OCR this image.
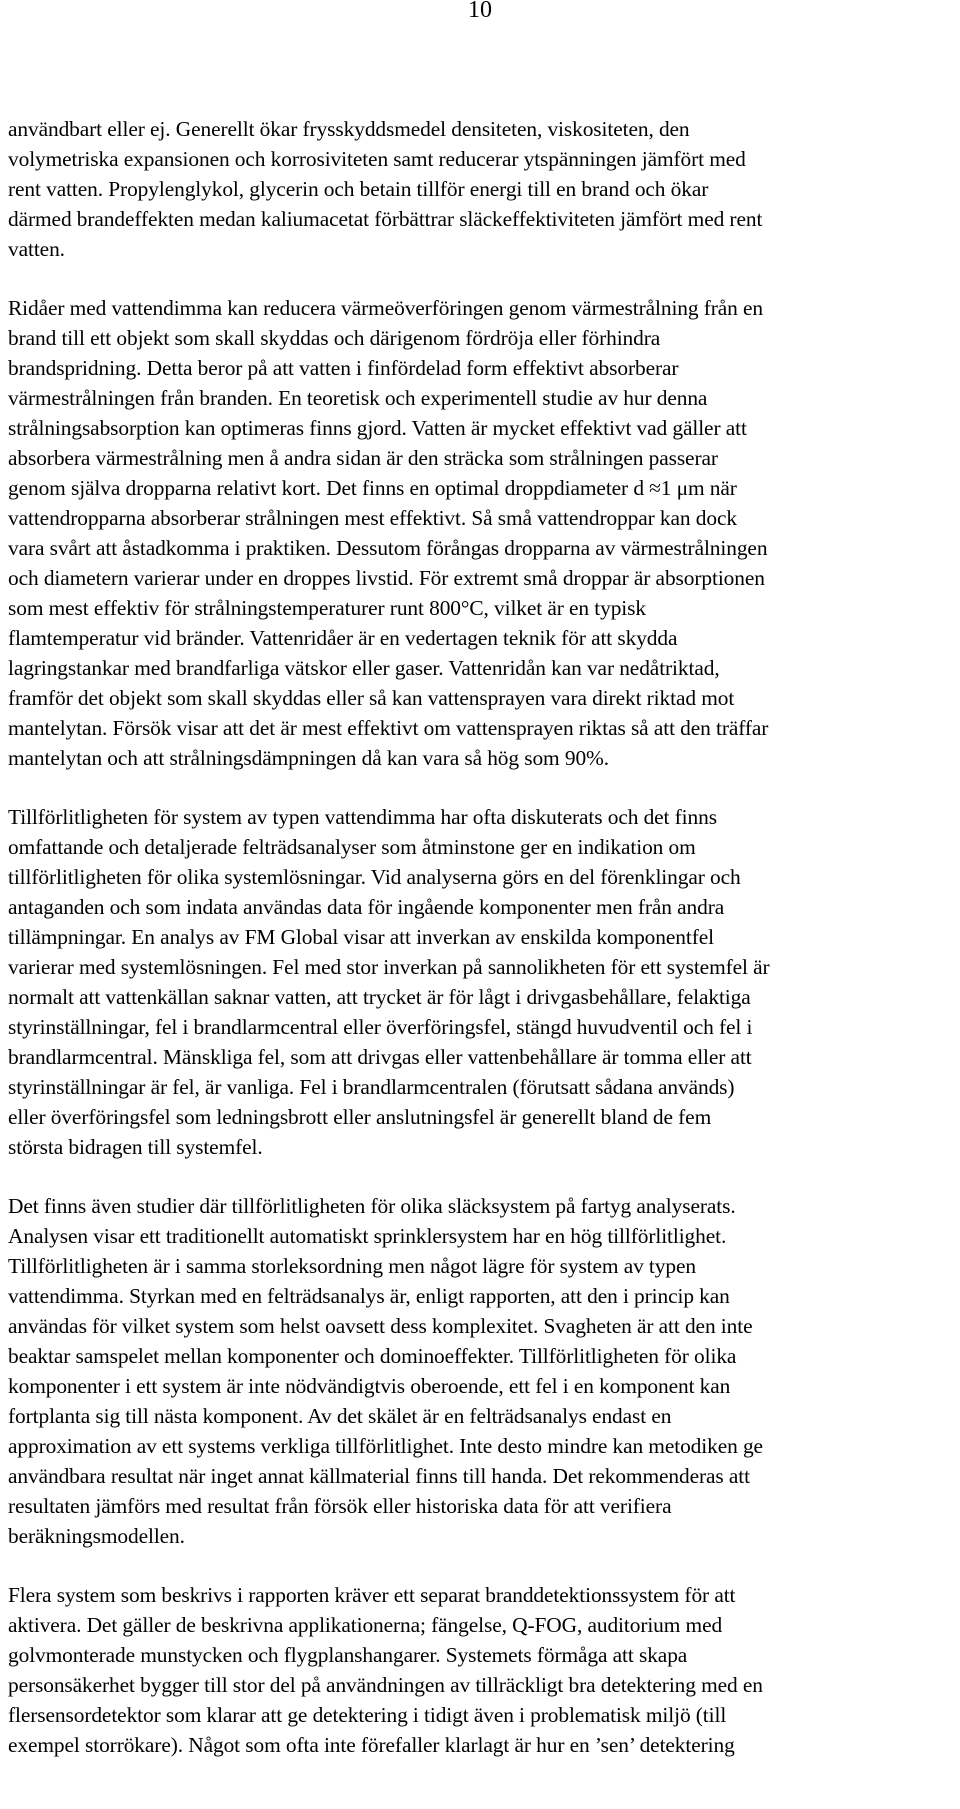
10

användbart eller ej. Generellt ökar frysskyddsmedel densiteten, viskositeten, den
volymetriska expansionen och korrosiviteten samt reducerar ytspänningen jämfört med
rent vatten. Propylenglykol, glycerin och betain tillför energi till en brand och ökar
därmed brandeffekten medan kaliumacetat förbättrar släckeffektiviteten jämfört med rent
vatten.

Ridåer med vattendimma kan reducera värmeöverföringen genom värmestrålning från en
brand till ett objekt som skall skyddas och därigenom fördröja eller förhindra
brandspridning. Detta beror på att vatten i finfördelad form effektivt absorberar
värmestrålningen från branden. En teoretisk och experimentell studie av hur denna
strålningsabsorption kan optimeras finns gjord. Vatten är mycket effektivt vad gäller att
absorbera värmestrålning men å andra sidan är den sträcka som strålningen passerar
genom själva dropparna relativt kort. Det finns en optimal droppdiameter d ≈1 μm när
vattendropparna absorberar strålningen mest effektivt. Så små vattendroppar kan dock
vara svårt att åstadkomma i praktiken. Dessutom förångas dropparna av värmestrålningen
och diametern varierar under en droppes livstid. För extremt små droppar är absorptionen
som mest effektiv för strålningstemperaturer runt 800°C, vilket är en typisk
flamtemperatur vid bränder. Vattenridåer är en vedertagen teknik för att skydda
lagringstankar med brandfarliga vätskor eller gaser. Vattenridån kan var nedåtriktad,
framför det objekt som skall skyddas eller så kan vattensprayen vara direkt riktad mot
mantelytan. Försök visar att det är mest effektivt om vattensprayen riktas så att den träffar
mantelytan och att strålningsdämpningen då kan vara så hög som 90%.

Tillförlitligheten för system av typen vattendimma har ofta diskuterats och det finns
omfattande och detaljerade felträdsanalyser som åtminstone ger en indikation om
tillförlitligheten för olika systemlösningar. Vid analyserna görs en del förenklingar och
antaganden och som indata användas data för ingående komponenter men från andra
tillämpningar. En analys av FM Global visar att inverkan av enskilda komponentfel
varierar med systemlösningen. Fel med stor inverkan på sannolikheten för ett systemfel är
normalt att vattenkällan saknar vatten, att trycket är för lågt i drivgasbehållare, felaktiga
styrinställningar, fel i brandlarmcentral eller överföringsfel, stängd huvudventil och fel i
brandlarmcentral. Mänskliga fel, som att drivgas eller vattenbehållare är tomma eller att
styrinställningar är fel, är vanliga. Fel i brandlarmcentralen (förutsatt sådana används)
eller överföringsfel som ledningsbrott eller anslutningsfel är generellt bland de fem
största bidragen till systemfel.

Det finns även studier där tillförlitligheten för olika släcksystem på fartyg analyserats.
Analysen visar ett traditionellt automatiskt sprinklersystem har en hög tillförlitlighet.
Tillförlitligheten är i samma storleksordning men något lägre för system av typen
vattendimma. Styrkan med en felträdsanalys är, enligt rapporten, att den i princip kan
användas för vilket system som helst oavsett dess komplexitet. Svagheten är att den inte
beaktar samspelet mellan komponenter och dominoeffekter. Tillförlitligheten för olika
komponenter i ett system är inte nödvändigtvis oberoende, ett fel i en komponent kan
fortplanta sig till nästa komponent. Av det skälet är en felträdsanalys endast en
approximation av ett systems verkliga tillförlitlighet. Inte desto mindre kan metodiken ge
användbara resultat när inget annat källmaterial finns till handa. Det rekommenderas att
resultaten jämförs med resultat från försök eller historiska data för att verifiera
beräkningsmodellen.

Flera system som beskrivs i rapporten kräver ett separat branddetektionssystem för att
aktivera. Det gäller de beskrivna applikationerna; fängelse, Q-FOG, auditorium med
golvmonterade munstycken och flygplanshangarer. Systemets förmåga att skapa
personsäkerhet bygger till stor del på användningen av tillräckligt bra detektering med en
flersensordetektor som klarar att ge detektering i tidigt även i problematisk miljö (till
exempel storrökare). Något som ofta inte förefaller klarlagt är hur en ’sen’ detektering
